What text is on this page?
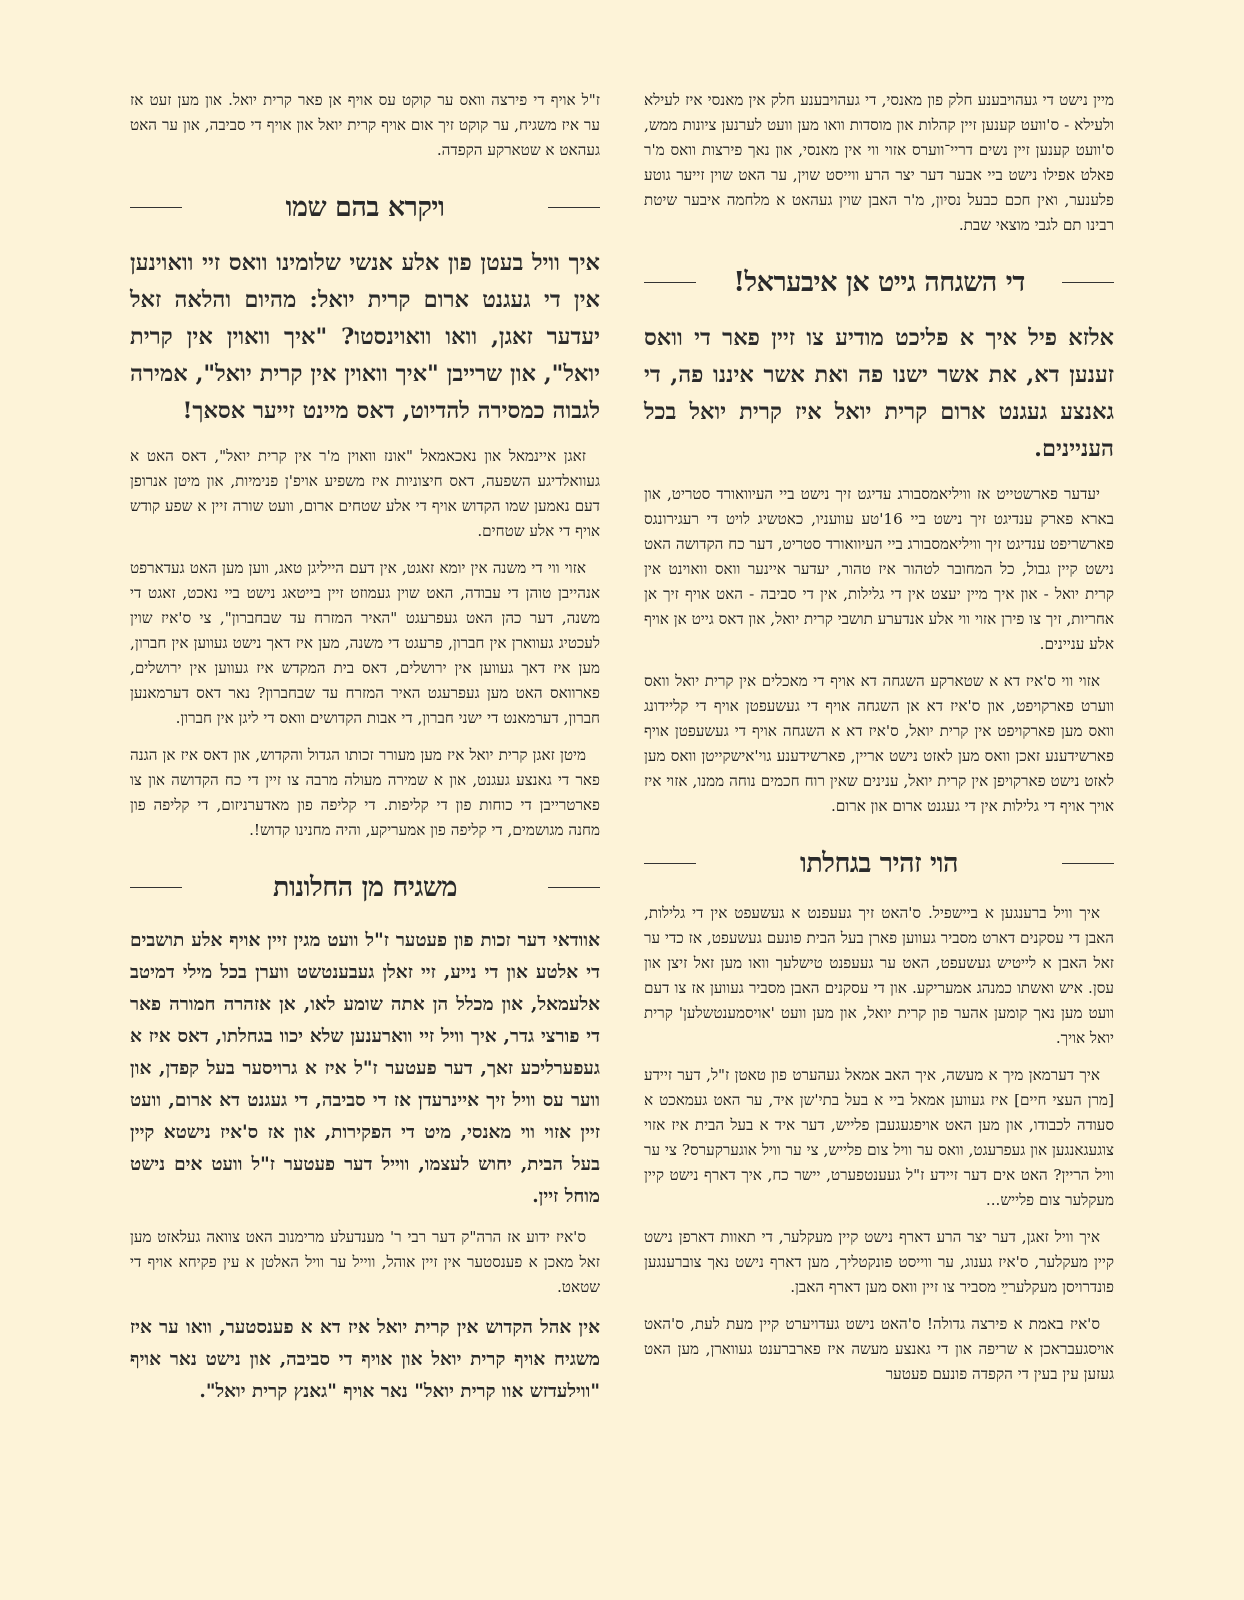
מיין נישט די געהויבענע חלק פון מאנסי, די געהויבענע חלק אין מאנסי איז לעילא ולעילא - ס'וועט קענען זיין קהלות און מוסדות וואו מען וועט לערנען ציונות ממש, ס'וועט קענען זיין נשים דריי־ווערס אזוי ווי אין מאנסי, און נאך פירצות וואס מ'ר פאלט אפילו נישט ביי אבער דער יצר הרע ווייסט שוין, ער האט שוין זייער גוטע פלענער, ואין חכם כבעל נסיון, מ'ר האבן שוין געהאט א מלחמה איבער שיטת רבינו תם לגבי מוצאי שבת.

די השגחה גייט אן איבעראל!

אלזא פיל איך א פליכט מודיע צו זיין פאר די וואס זענען דא, את אשר ישנו פה ואת אשר איננו פה, די גאנצע געגנט ארום קרית יואל איז קרית יואל בכל העניינים.

יעדער פארשטייט אז וויליאמסבורג עדיגט זיך נישט ביי העיוואורד סטריט, און בארא פארק ענדיגט זיך נישט ביי 16'טע עוועניו, כאטשיג לויט די רעגירונגס פארשריפט ענדיגט זיך וויליאמסבורג ביי העיוואורד סטריט, דער כח הקדושה האט נישט קיין גבול, כל המחובר לטהור איז טהור, יעדער איינער וואס וואוינט אין קרית יואל - און איך מיין יעצט אין די גלילות, אין די סביבה - האט אויף זיך אן אחריות, זיך צו פירן אזוי ווי אלע אנדערע תושבי קרית יואל, און דאס גייט אן אויף אלע עניינים.

אזוי ווי ס'איז דא א שטארקע השגחה דא אויף די מאכלים אין קרית יואל וואס ווערט פארקויפט, און ס'איז דא אן השגחה אויף די געשעפטן אויף די קליידונג וואס מען פארקויפט אין קרית יואל, ס'איז דא א השגחה אויף די געשעפטן אויף פארשידענע זאכן וואס מען לאזט נישט אריין, פארשידענע גוי'אישקייטן וואס מען לאזט נישט פארקויפן אין קרית יואל, ענינים שאין רוח חכמים נוחה ממנו, אזוי איז אויך אויף די גלילות אין די געגנט ארום און ארום.

הוי זהיר בגחלתו

איך וויל ברענגען א ביישפיל. ס'האט זיך געעפנט א געשעפט אין די גלילות, האבן די עסקנים דארט מסביר געווען פארן בעל הבית פונעם געשעפט, אז כדי ער זאל האבן א לייטיש געשעפט, האט ער געעפנט טישלעך וואו מען זאל זיצן און עסן. איש ואשתו כמנהג אמעריקע. און די עסקנים האבן מסביר געווען אז צו דעם וועט מען נאך קומען אהער פון קרית יואל, און מען וועט 'אויסמענטשלען' קרית יואל אויך.

איך דערמאן מיך א מעשה, איך האב אמאל געהערט פון טאטן ז"ל, דער זיידע [מרן העצי חיים] איז געווען אמאל ביי א בעל בתי'שן איד, ער האט געמאכט א סעודה לכבודו, און מען האט אויפגעגעבן פלייש, דער איד א בעל הבית איז אזוי צוגעגאנגען און געפרעגט, וואס ער וויל צום פלייש, צי ער וויל אוגערקערס? צי ער וויל הריין? האט אים דער זיידע ז"ל געענטפערט, יישר כח, איך דארף נישט קיין מעקלער צום פלייש...

איך וויל זאגן, דער יצר הרע דארף נישט קיין מעקלער, די תאוות דארפן נישט קיין מעקלער, ס'איז גענוג, ער ווייסט פונקטליך, מען דארף נישט נאך צוברענגען פונדרויסן מעקלערײַ מסביר צו זיין וואס מען דארף האבן.

ס'איז באמת א פירצה גדולה! ס'האט נישט געדויערט קיין מעת לעת, ס'האט אויסגעבראכן א שריפה און די גאנצע מעשה איז פארברענט געווארן, מען האט געזען עין בעין די הקפדה פונעם פעטער

ז"ל אויף די פירצה וואס ער קוקט עס אויף אן פאר קרית יואל. און מען זעט אז ער איז משגיח, ער קוקט זיך אום אויף קרית יואל און אויף די סביבה, און ער האט געהאט א שטארקע הקפדה.

ויקרא בהם שמו

איך וויל בעטן פון אלע אנשי שלומינו וואס זיי וואוינען אין די געגנט ארום קרית יואל: מהיום והלאה זאל יעדער זאגן, וואו וואוינסטו? "איך וואוין אין קרית יואל", און שרייבן "איך וואוין אין קרית יואל", אמירה לגבוה כמסירה להדיוט, דאס מיינט זייער אסאך!

זאגן איינמאל און נאכאמאל "אונז וואוין מ'ר אין קרית יואל", דאס האט א געוואלדיגע השפעה, דאס חיצוניות איז משפיע אויפ'ן פנימיות, און מיטן אנרופן דעם נאמען שמו הקדוש אויף די אלע שטחים ארום, וועט שורה זיין א שפע קודש אויף די אלע שטחים.

אזוי ווי די משנה אין יומא זאגט, אין דעם הייליגן טאג, ווען מען האט געדארפט אנהייבן טוהן די עבודה, האט שוין געמוזט זיין בייטאג נישט ביי נאכט, זאגט די משנה, דער כהן האט געפרעגט "האיר המזרח עד שבחברון", צי ס'איז שוין לעכטיג געווארן אין חברון, פרעגט די משנה, מען איז דאך נישט געווען אין חברון, מען איז דאך געווען אין ירושלים, דאס בית המקדש איז געווען אין ירושלים, פארוואס האט מען געפרעגט האיר המזרח עד שבחברון? נאר דאס דערמאנען חברון, דערמאנט די ישני חברון, די אבות הקדושים וואס די ליגן אין חברון.

מיטן זאגן קרית יואל איז מען מעורר זכותו הגדול והקדוש, און דאס איז אן הגנה פאר די גאנצע געגנט, און א שמירה מעולה מרבה צו זיין די כח הקדושה און צו פארטרייבן די כוחות פון די קליפות. די קליפה פון מאדערניזום, די קליפה פון מחנה מגושמים, די קליפה פון אמעריקע, והיה מחנינו קדוש!.

משגיח מן החלונות

אוודאי דער זכות פון פעטער ז"ל וועט מגין זיין אויף אלע תושבים די אלטע און די נייע, זיי זאלן געבענטשט ווערן בכל מילי דמיטב אלעמאל, און מכלל הן אתה שומע לאו, אן אזהרה חמורה פאר די פורצי גדר, איך וויל זיי ווארענען שלא יכוו בגחלתו, דאס איז א געפערליכע זאך, דער פעטער ז"ל איז א גרויסער בעל קפדן, און ווער עס וויל זיך איינרעדן אז די סביבה, די געגנט דא ארום, וועט זיין אזוי ווי מאנסי, מיט די הפקירות, און אז ס'איז נישטא קיין בעל הבית, יחוש לעצמו, ווייל דער פעטער ז"ל וועט אים נישט מוחל זיין.

ס'איז ידוע אז הרה"ק דער רבי ר' מענדעלע מרימנוב האט צוואה געלאזט מען זאל מאכן א פענסטער אין זיין אוהל, ווייל ער וויל האלטן א עין פקיחא אויף די שטאט.

אין אהל הקדוש אין קרית יואל איז דא א פענסטער, וואו ער איז משגיח אויף קרית יואל און אויף די סביבה, און נישט נאר אויף "ווילעדזש אוו קרית יואל" נאר אויף "גאנץ קרית יואל".
